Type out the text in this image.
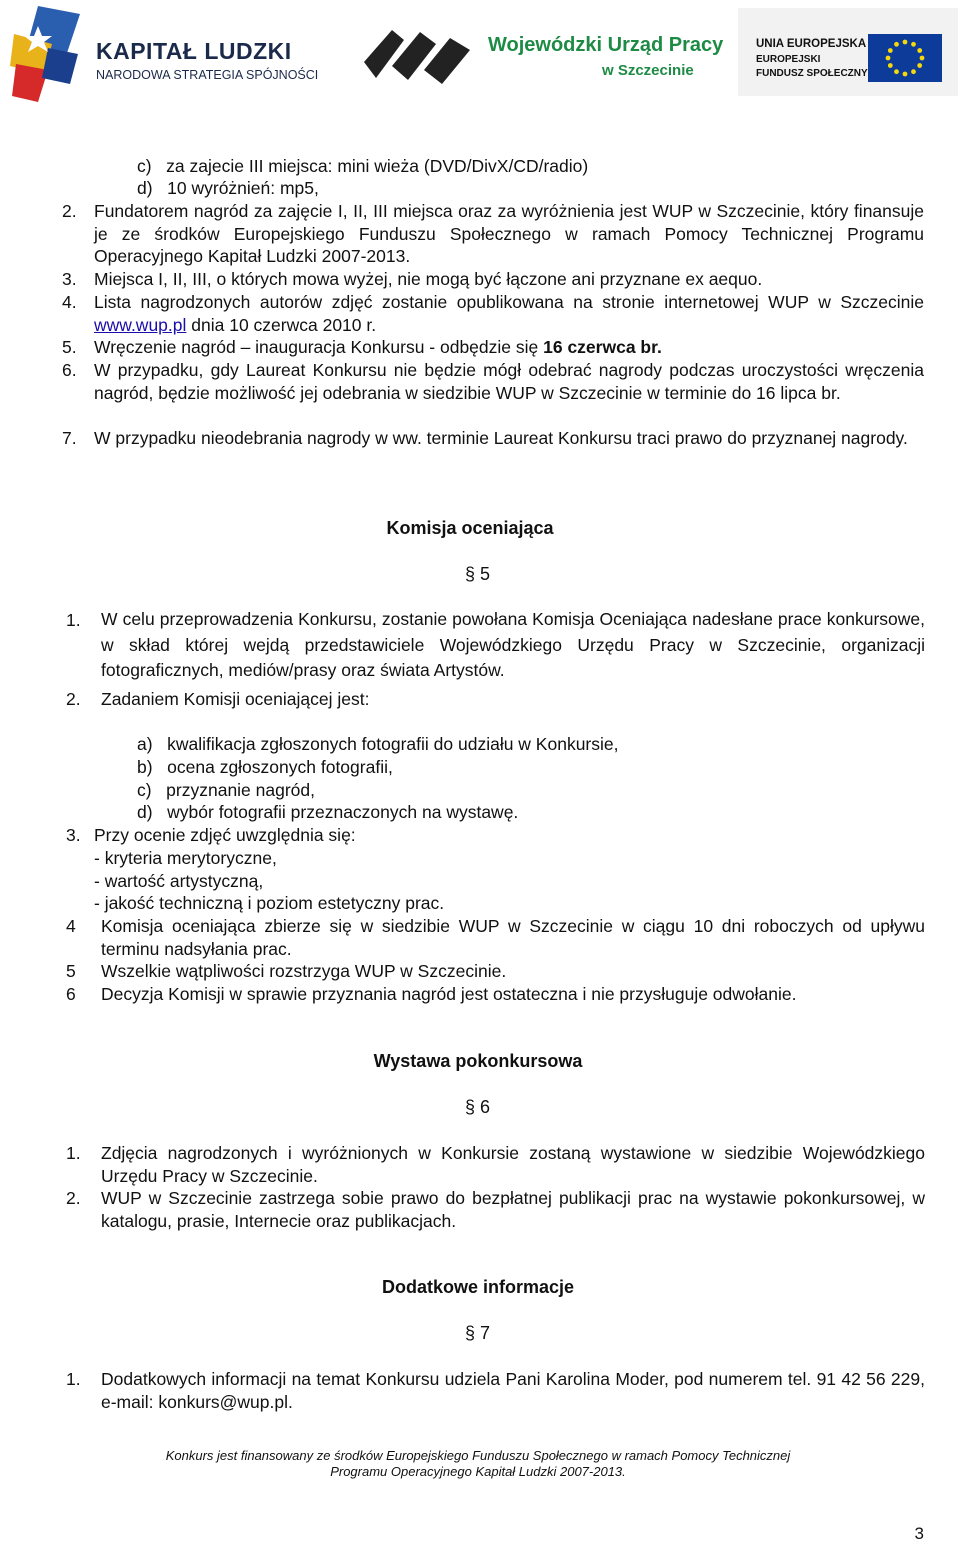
KAPITAŁ LUDZKI
NARODOWA STRATEGIA SPÓJNOŚCI
Wojewódzki Urząd Pracy
w Szczecinie
UNIA EUROPEJSKA
EUROPEJSKI
FUNDUSZ SPOŁECZNY
c)   za zajecie III miejsca: mini wieża (DVD/DivX/CD/radio)
d)   10 wyróżnień: mp5,
2. Fundatorem nagród za zajęcie I, II, III miejsca oraz za wyróżnienia jest WUP w Szczecinie, który finansuje je ze środków Europejskiego Funduszu Społecznego w ramach Pomocy Technicznej Programu Operacyjnego Kapitał Ludzki 2007-2013.
3. Miejsca I, II, III, o których mowa wyżej, nie mogą być łączone ani przyznane ex aequo.
4. Lista nagrodzonych autorów zdjęć zostanie opublikowana na stronie internetowej WUP w Szczecinie www.wup.pl dnia 10 czerwca 2010 r.
5. Wręczenie nagród – inauguracja Konkursu - odbędzie się 16 czerwca br.
6. W przypadku, gdy Laureat Konkursu nie będzie mógł odebrać nagrody podczas uroczystości wręczenia nagród, będzie możliwość jej odebrania w siedzibie WUP w Szczecinie w terminie do 16 lipca br.
7. W przypadku nieodebrania nagrody w ww. terminie Laureat Konkursu traci prawo do przyznanej nagrody.
Komisja oceniająca
§ 5
1. W celu przeprowadzenia Konkursu, zostanie powołana Komisja Oceniająca nadesłane prace konkursowe, w skład której wejdą przedstawiciele Wojewódzkiego Urzędu Pracy w Szczecinie, organizacji fotograficznych, mediów/prasy oraz świata Artystów.
2. Zadaniem Komisji oceniającej jest:
a)   kwalifikacja zgłoszonych fotografii do udziału w Konkursie,
b)   ocena zgłoszonych fotografii,
c)   przyznanie nagród,
d)   wybór fotografii przeznaczonych na wystawę.
3. Przy ocenie zdjęć uwzględnia się:
- kryteria merytoryczne,
- wartość artystyczną,
- jakość techniczną i poziom estetyczny prac.
4 Komisja oceniająca zbierze się w siedzibie WUP w Szczecinie w ciągu 10 dni roboczych od upływu terminu nadsyłania prac.
5 Wszelkie wątpliwości rozstrzyga WUP w Szczecinie.
6 Decyzja Komisji w sprawie przyznania nagród jest ostateczna i nie przysługuje odwołanie.
Wystawa pokonkursowa
§ 6
1. Zdjęcia nagrodzonych i wyróżnionych w Konkursie zostaną wystawione w siedzibie Wojewódzkiego Urzędu Pracy w Szczecinie.
2. WUP w Szczecinie zastrzega sobie prawo do bezpłatnej publikacji prac na wystawie pokonkursowej, w katalogu, prasie, Internecie oraz publikacjach.
Dodatkowe informacje
§ 7
1. Dodatkowych informacji na temat Konkursu udziela Pani Karolina Moder, pod numerem tel. 91 42 56 229, e-mail: konkurs@wup.pl.
Konkurs jest finansowany ze środków Europejskiego Funduszu Społecznego w ramach Pomocy Technicznej
Programu Operacyjnego Kapitał Ludzki 2007-2013.
3
